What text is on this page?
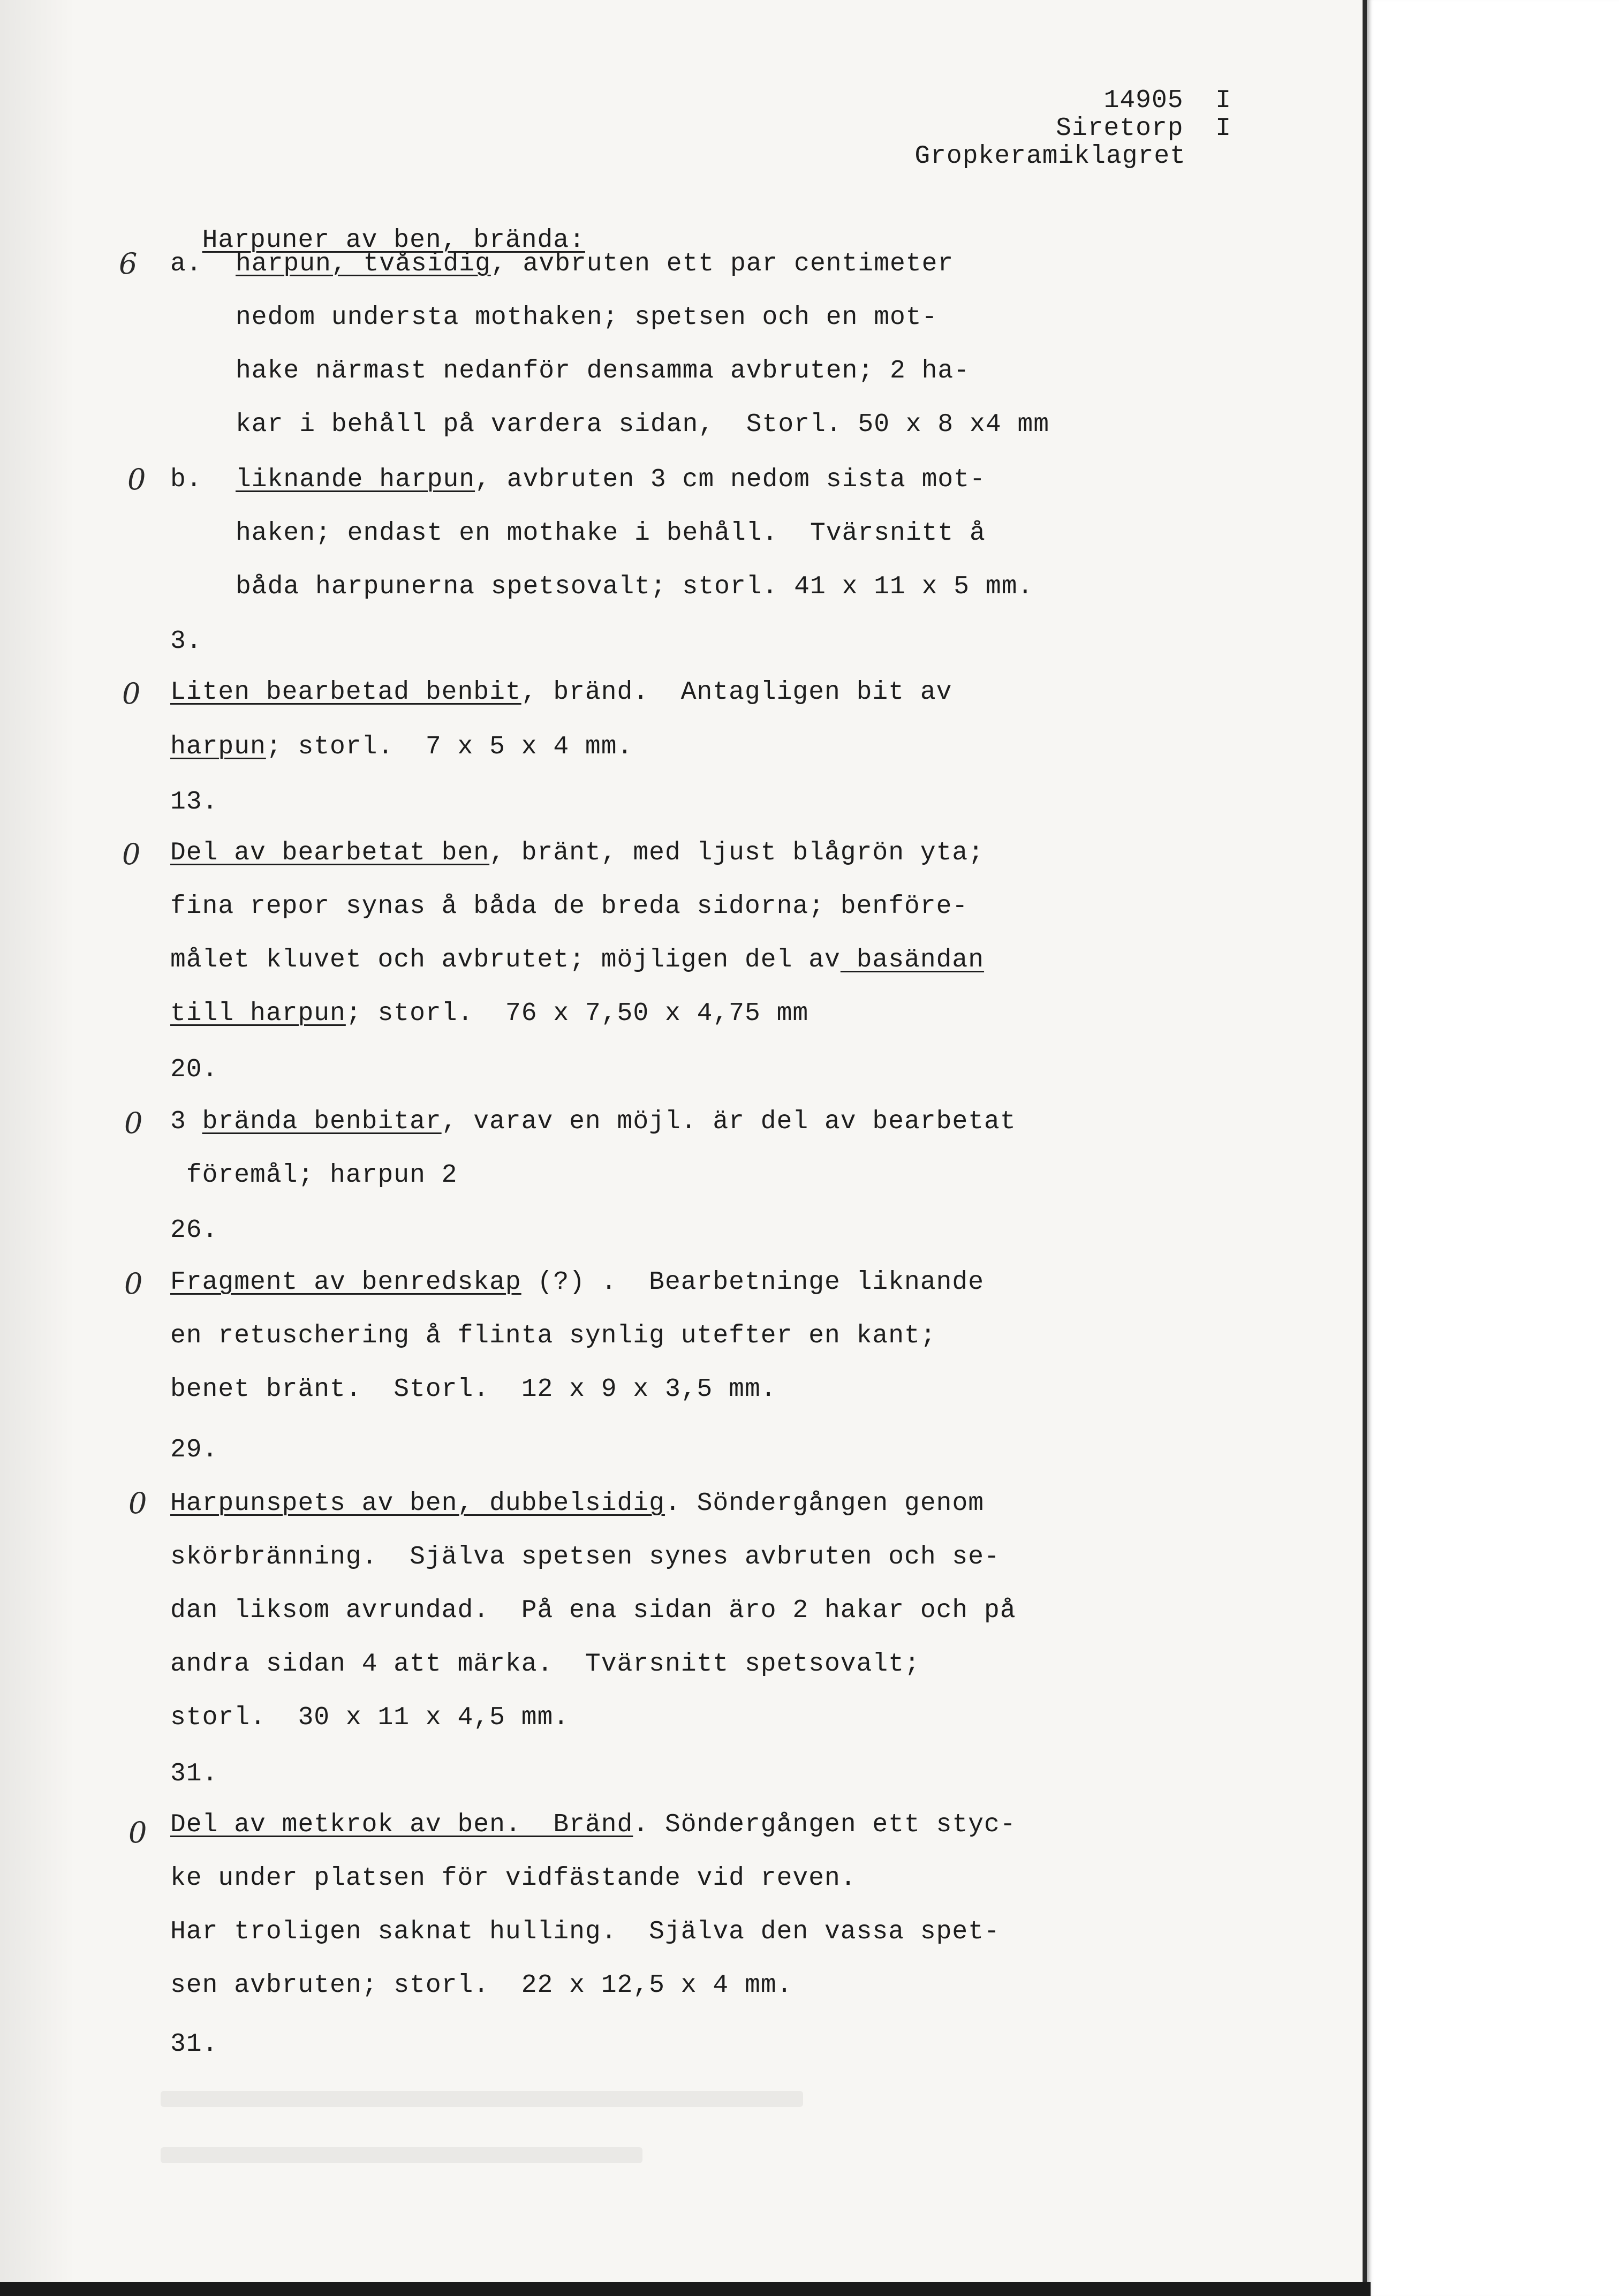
14905  I
Siretorp  I
Gropkeramiklagret

Harpuner av ben, brända:

6 a. harpun, tvåsidig, avbruten ett par centimeter
nedom understa mothaken; spetsen och en mot-
hake närmast nedanför densamma avbruten; 2 ha-
kar i behåll på vardera sidan,  Storl. 50 x 8 x4 mm
0 b. liknande harpun, avbruten 3 cm nedom sista mot-
haken; endast en mothake i behåll.  Tvärsnitt å
båda harpunerna spetsovalt; storl. 41 x 11 x 5 mm.
3.
0 Liten bearbetad benbit, bränd.  Antagligen bit av
harpun; storl.  7 x 5 x 4 mm.
13.
0 Del av bearbetat ben, bränt, med ljust blågrön yta;
fina repor synas å båda de breda sidorna; benföre-
målet kluvet och avbrutet; möjligen del av basändan
till harpun; storl.  76 x 7,50 x 4,75 mm
20.
0 3 brända benbitar, varav en möjl. är del av bearbetat
föremål; harpun 2
26.
0 Fragment av benredskap (?) .  Bearbetninge liknande
en retuschering å flinta synlig utefter en kant;
benet bränt.  Storl.  12 x 9 x 3,5 mm.
29.
0 Harpunspets av ben, dubbelsidig. Söndergången genom
skörbränning.  Själva spetsen synes avbruten och se-
dan liksom avrundad.  På ena sidan äro 2 hakar och på
andra sidan 4 att märka.  Tvärsnitt spetsovalt;
storl.  30 x 11 x 4,5 mm.
31.
0 Del av metkrok av ben.  Bränd. Söndergången ett styc-
ke under platsen för vidfästande vid reven.
Har troligen saknat hulling.  Själva den vassa spet-
sen avbruten; storl.  22 x 12,5 x 4 mm.
31.
